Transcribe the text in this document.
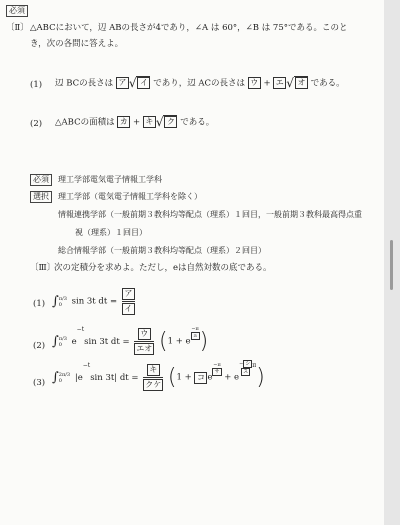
必須
〔Ⅱ〕 △ABCにおいて，辺 ABの長さが4であり，∠A は 60°，∠B は 75°である。このと
き，次の各問に答えよ。
(1) 辺 BCの長さは ア √ イ であり，辺 ACの長さは ウ + エ √ オ である。
(2) △ABCの面積は カ + キ √ ク である。
必須	理工学部電気電子情報工学科
選択	理工学部（電気電子情報工学科を除く）
情報連携学部（一般前期３教科均等配点（理系）１回目，一般前期３教科最高得点重
視（理系）１回目）
総合情報学部（一般前期３教科均等配点（理系）２回目）
〔Ⅲ〕
次の定積分を求めよ。ただし，eは自然対数の底である。
(1) ∫ π/3
0	sin 3t dt = $\frac{\text{ア}}{\text{イ}}$
(2) ∫ π/3
0	$e^{-t}\sin$ 3t dt = $\frac{\text{ウ}}{\text{エオ}} (1 + e$
$\frac{-\pi}{\text{ａ}}$ )
(3) ∫ 2π/3
0	$|e^{-t}\sin$ 3t| dt = $\frac{\text{キ}}{\text{クケ}} (1$ + コ e
−π
サ
+ e
− シ
ス
$^\pi$)
